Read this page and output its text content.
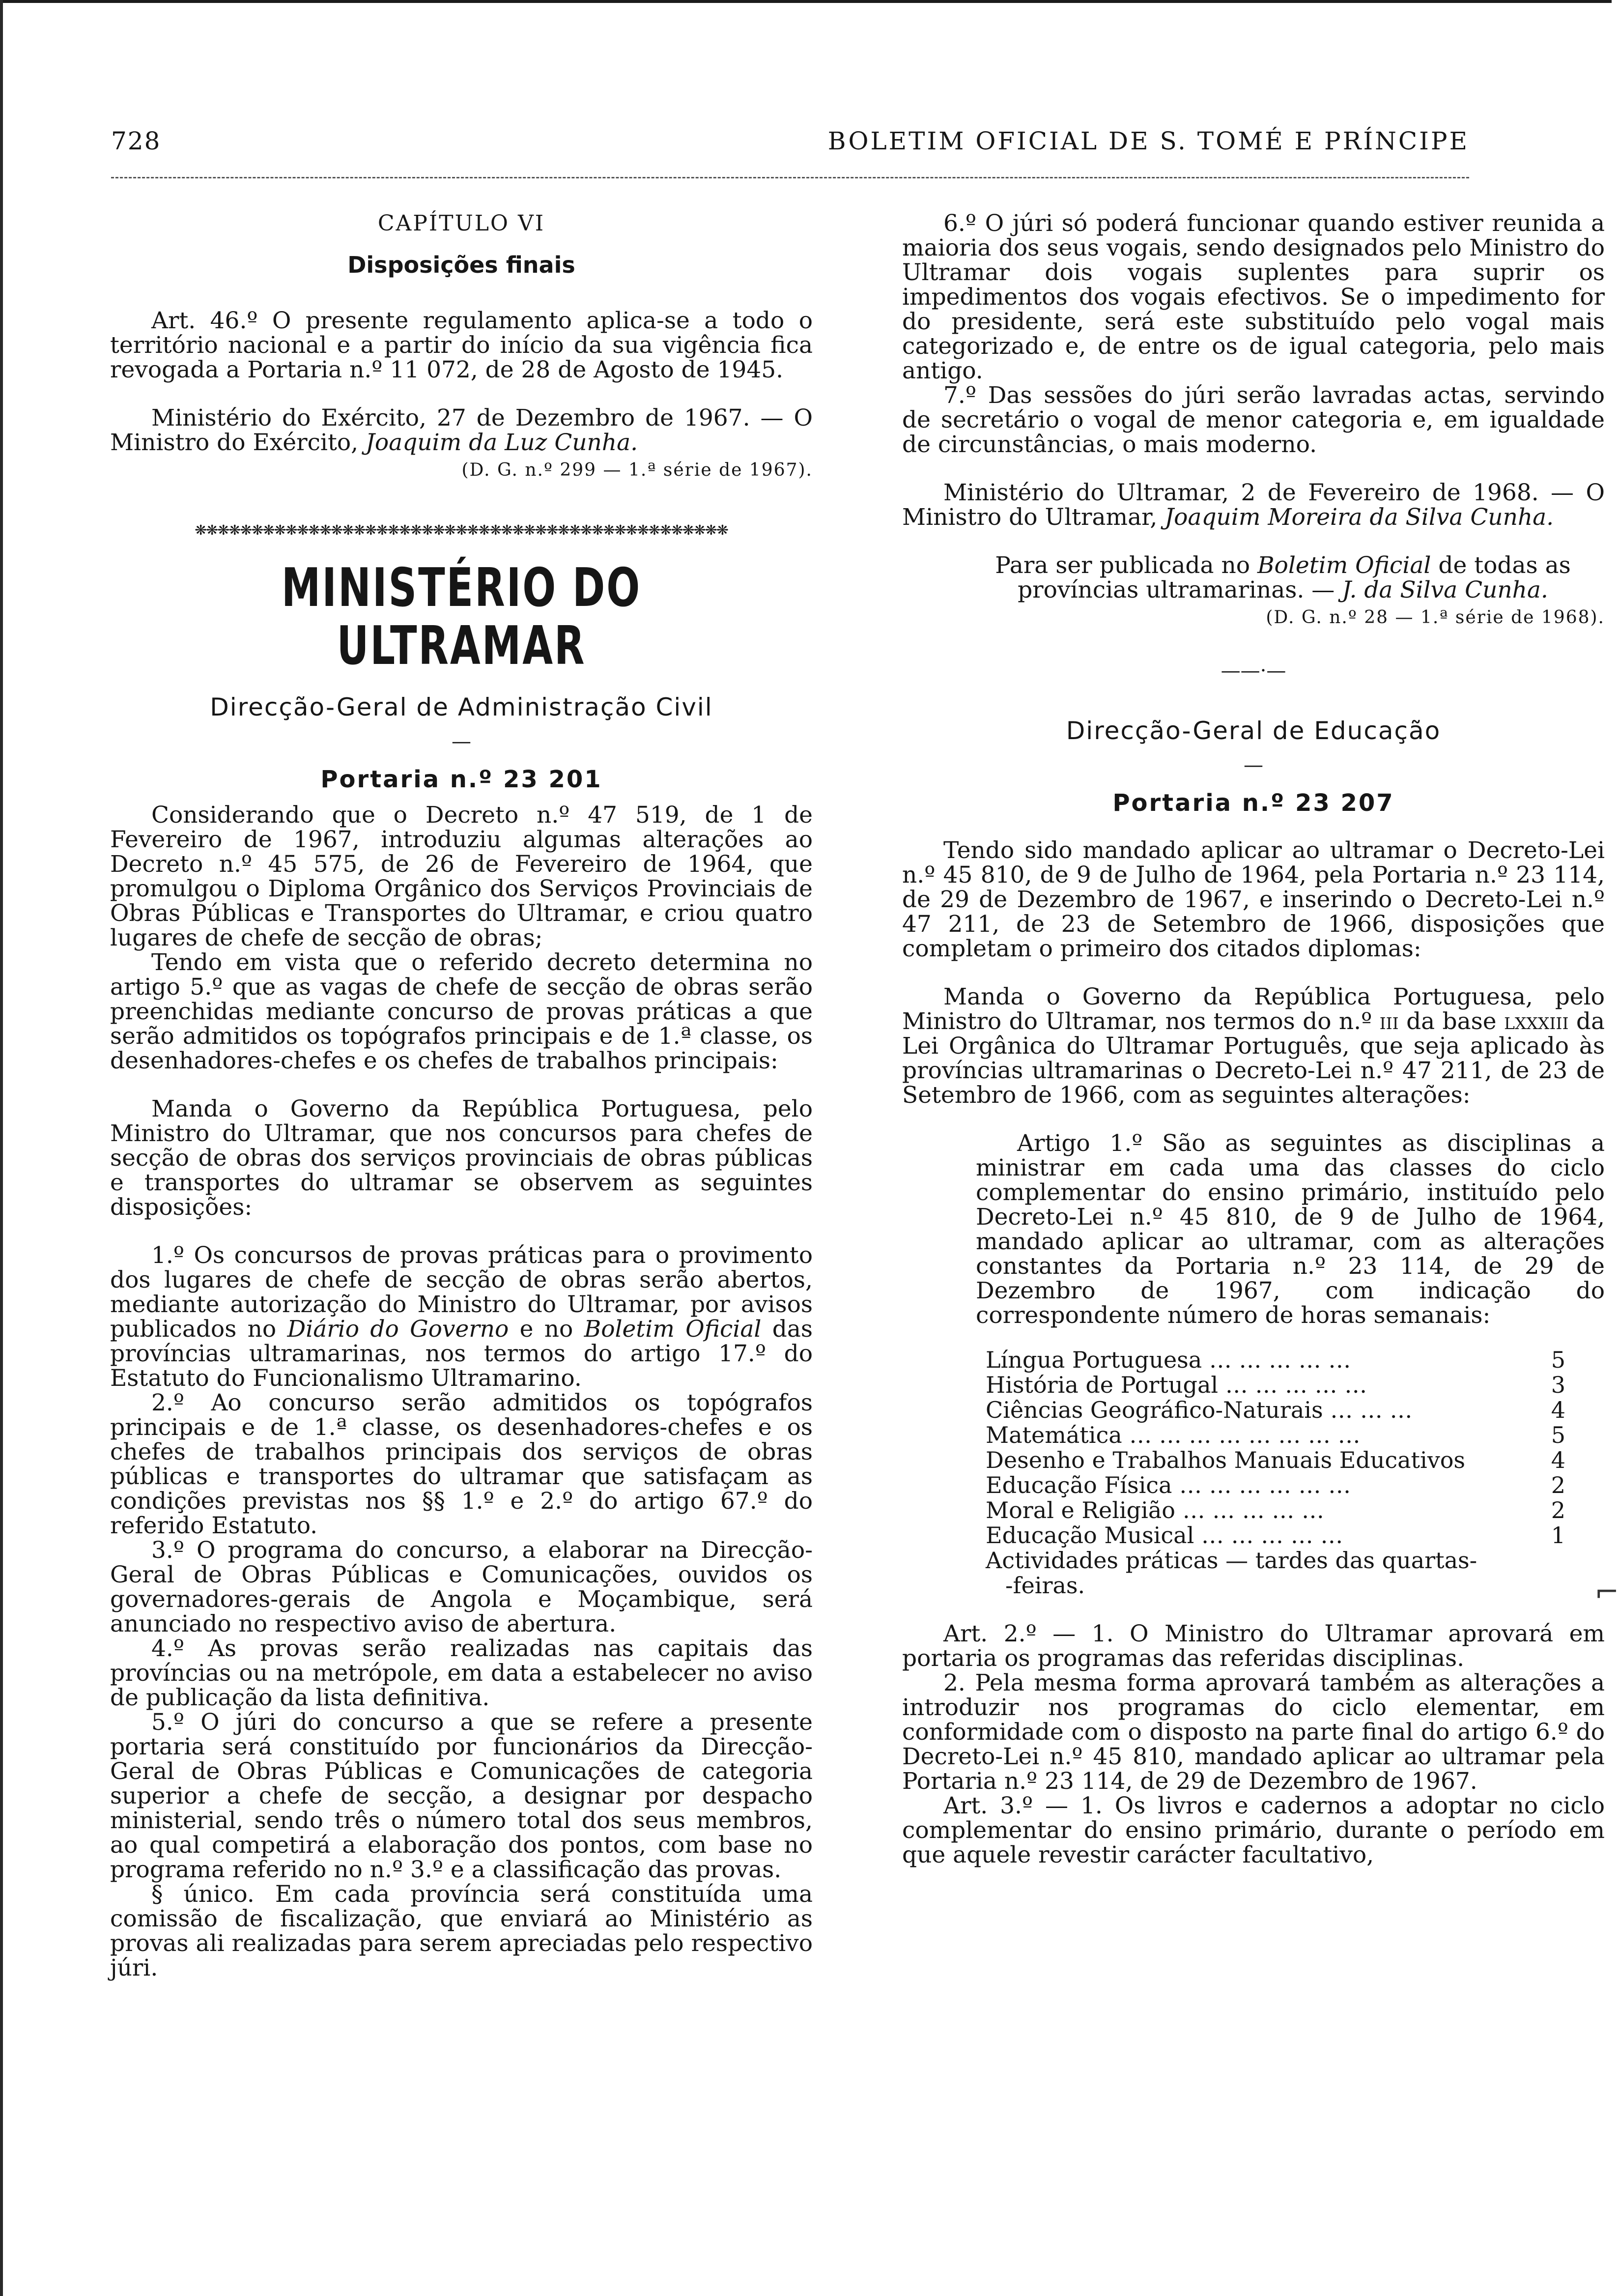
728	BOLETIM OFICIAL DE S. TOMÉ E PRÍNCIPE

CAPÍTULO VI

Disposições finais

Art. 46.º O presente regulamento aplica-se a todo o território nacional e a partir do início da sua vigência fica revogada a Portaria n.º 11 072, de 28 de Agosto de 1945.

Ministério do Exército, 27 de Dezembro de 1967. — O Ministro do Exército, Joaquim da Luz Cunha.

(D. G. n.º 299 — 1.ª série de 1967).

❋❋❋❋❋❋❋❋❋❋❋❋❋❋❋❋❋❋❋❋❋❋❋❋❋❋❋❋❋❋❋❋❋❋❋❋❋❋❋❋❋❋❋❋❋❋❋
MINISTÉRIO DO ULTRAMAR
Direcção-Geral de Administração Civil
—
Portaria n.º 23 201

Considerando que o Decreto n.º 47 519, de 1 de Fevereiro de 1967, introduziu algumas alterações ao Decreto n.º 45 575, de 26 de Fevereiro de 1964, que promulgou o Diploma Orgânico dos Serviços Provinciais de Obras Públicas e Transportes do Ultramar, e criou quatro lugares de chefe de secção de obras;

Tendo em vista que o referido decreto determina no artigo 5.º que as vagas de chefe de secção de obras serão preenchidas mediante concurso de provas práticas a que serão admitidos os topógrafos principais e de 1.ª classe, os desenhadores-chefes e os chefes de trabalhos principais:

Manda o Governo da República Portuguesa, pelo Ministro do Ultramar, que nos concursos para chefes de secção de obras dos serviços provinciais de obras públicas e transportes do ultramar se observem as seguintes disposições:

1.º Os concursos de provas práticas para o provimento dos lugares de chefe de secção de obras serão abertos, mediante autorização do Ministro do Ultramar, por avisos publicados no Diário do Governo e no Boletim Oficial das províncias ultramarinas, nos termos do artigo 17.º do Estatuto do Funcionalismo Ultramarino.

2.º Ao concurso serão admitidos os topógrafos principais e de 1.ª classe, os desenhadores-chefes e os chefes de trabalhos principais dos serviços de obras públicas e transportes do ultramar que satisfaçam as condições previstas nos §§ 1.º e 2.º do artigo 67.º do referido Estatuto.

3.º O programa do concurso, a elaborar na Direcção-Geral de Obras Públicas e Comunicações, ouvidos os governadores-gerais de Angola e Moçambique, será anunciado no respectivo aviso de abertura.

4.º As provas serão realizadas nas capitais das províncias ou na metrópole, em data a estabelecer no aviso de publicação da lista definitiva.

5.º O júri do concurso a que se refere a presente portaria será constituído por funcionários da Direcção-Geral de Obras Públicas e Comunicações de categoria superior a chefe de secção, a designar por despacho ministerial, sendo três o número total dos seus membros, ao qual competirá a elaboração dos pontos, com base no programa referido no n.º 3.º e a classificação das provas.

§ único. Em cada província será constituída uma comissão de fiscalização, que enviará ao Ministério as provas ali realizadas para serem apreciadas pelo respectivo júri.

6.º O júri só poderá funcionar quando estiver reunida a maioria dos seus vogais, sendo designados pelo Ministro do Ultramar dois vogais suplentes para suprir os impedimentos dos vogais efectivos. Se o impedimento for do presidente, será este substituído pelo vogal mais categorizado e, de entre os de igual categoria, pelo mais antigo.

7.º Das sessões do júri serão lavradas actas, servindo de secretário o vogal de menor categoria e, em igualdade de circunstâncias, o mais moderno.

Ministério do Ultramar, 2 de Fevereiro de 1968. — O Ministro do Ultramar, Joaquim Moreira da Silva Cunha.

Para ser publicada no Boletim Oficial de todas as províncias ultramarinas. — J. da Silva Cunha.

(D. G. n.º 28 — 1.ª série de 1968).

——·—
Direcção-Geral de Educação
—
Portaria n.º 23 207

Tendo sido mandado aplicar ao ultramar o Decreto-Lei n.º 45 810, de 9 de Julho de 1964, pela Portaria n.º 23 114, de 29 de Dezembro de 1967, e inserindo o Decreto-Lei n.º 47 211, de 23 de Setembro de 1966, disposições que completam o primeiro dos citados diplomas:

Manda o Governo da República Portuguesa, pelo Ministro do Ultramar, nos termos do n.º iii da base lxxxiii da Lei Orgânica do Ultramar Português, que seja aplicado às províncias ultramarinas o Decreto-Lei n.º 47 211, de 23 de Setembro de 1966, com as seguintes alterações:

Artigo 1.º São as seguintes as disciplinas a ministrar em cada uma das classes do ciclo complementar do ensino primário, instituído pelo Decreto-Lei n.º 45 810, de 9 de Julho de 1964, mandado aplicar ao ultramar, com as alterações constantes da Portaria n.º 23 114, de 29 de Dezembro de 1967, com indicação do correspondente número de horas semanais:

Língua Portuguesa … … … … …	5
História de Portugal … … … … …	3
Ciências Geográfico-Naturais … … …	4
Matemática … … … … … … … …	5
Desenho e Trabalhos Manuais Educativos	4
Educação Física … … … … … …	2
Moral e Religião … … … … …	2
Educação Musical … … … … …	1
Actividades práticas — tardes das quartas-
-feiras.

Art. 2.º — 1. O Ministro do Ultramar aprovará em portaria os programas das referidas disciplinas.

2. Pela mesma forma aprovará também as alterações a introduzir nos programas do ciclo elementar, em conformidade com o disposto na parte final do artigo 6.º do Decreto-Lei n.º 45 810, mandado aplicar ao ultramar pela Portaria n.º 23 114, de 29 de Dezembro de 1967.

Art. 3.º — 1. Os livros e cadernos a adoptar no ciclo complementar do ensino primário, durante o período em que aquele revestir carácter facultativo,

⌐
